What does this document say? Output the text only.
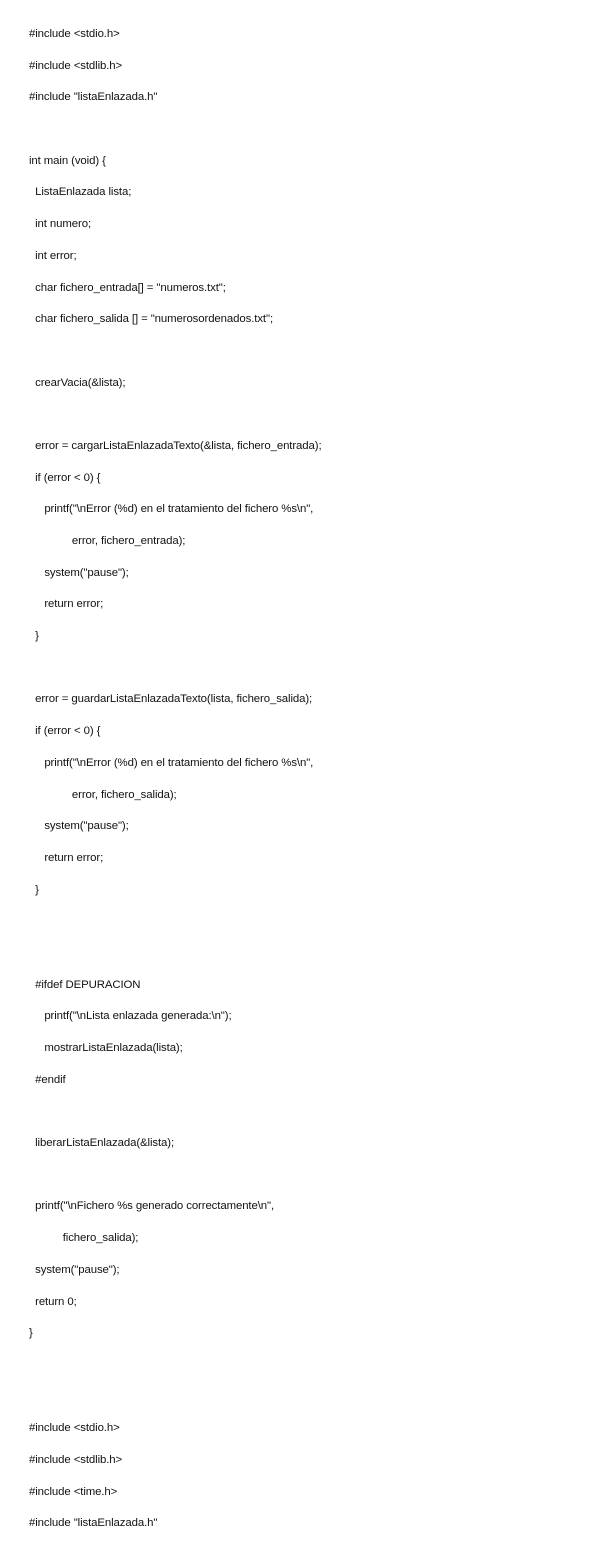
#include <stdio.h>

#include <stdlib.h>

#include "listaEnlazada.h"

int main (void) {

ListaEnlazada lista;

int numero;

int error;

char fichero_entrada[] = "numeros.txt";

char fichero_salida [] = "numerosordenados.txt";

crearVacia(&lista);

error = cargarListaEnlazadaTexto(&lista, fichero_entrada);

if (error < 0) {

printf("\nError (%d) en el tratamiento del fichero %s\n",

error, fichero_entrada);

system("pause");

return error;

}

error = guardarListaEnlazadaTexto(lista, fichero_salida);

if (error < 0) {

printf("\nError (%d) en el tratamiento del fichero %s\n",

error, fichero_salida);

system("pause");

return error;

}

#ifdef DEPURACION

printf("\nLista enlazada generada:\n");

mostrarListaEnlazada(lista);

#endif

liberarListaEnlazada(&lista);

printf("\nFichero %s generado correctamente\n",

fichero_salida);

system("pause");

return 0;

}

#include <stdio.h>

#include <stdlib.h>

#include <time.h>

#include "listaEnlazada.h"
